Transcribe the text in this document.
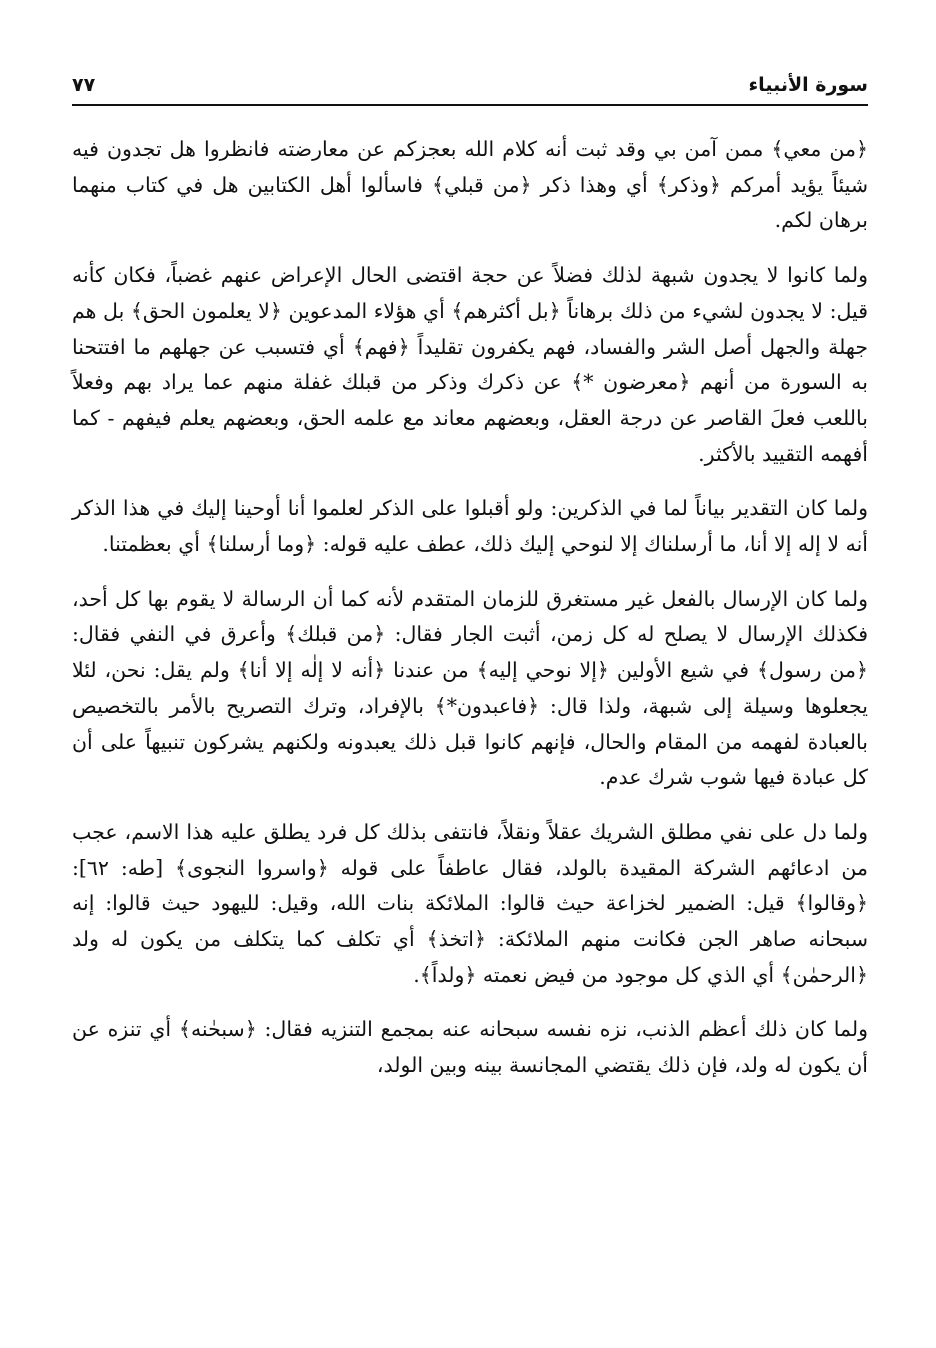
سورة الأنبياء
٧٧

﴿من معي﴾ ممن آمن بي وقد ثبت أنه كلام الله بعجزكم عن معارضته فانظروا هل تجدون فيه شيئاً يؤيد أمركم ﴿وذكر﴾ أي وهذا ذكر ﴿من قبلي﴾ فاسألوا أهل الكتابين هل في كتاب منهما برهان لكم.

ولما كانوا لا يجدون شبهة لذلك فضلاً عن حجة اقتضى الحال الإعراض عنهم غضباً، فكان كأنه قيل: لا يجدون لشيء من ذلك برهاناً ﴿بل أكثرهم﴾ أي هؤلاء المدعوين ﴿لا يعلمون الحق﴾ بل هم جهلة والجهل أصل الشر والفساد، فهم يكفرون تقليداً ﴿فهم﴾ أي فتسبب عن جهلهم ما افتتحنا به السورة من أنهم ﴿معرضون *﴾ عن ذكرك وذكر من قبلك غفلة منهم عما يراد بهم وفعلاً باللعب فعلَ القاصر عن درجة العقل، وبعضهم معاند مع علمه الحق، وبعضهم يعلم فيفهم - كما أفهمه التقييد بالأكثر.

ولما كان التقدير بياناً لما في الذكرين: ولو أقبلوا على الذكر لعلموا أنا أوحينا إليك في هذا الذكر أنه لا إله إلا أنا، ما أرسلناك إلا لنوحي إليك ذلك، عطف عليه قوله: ﴿وما أرسلنا﴾ أي بعظمتنا.

ولما كان الإرسال بالفعل غير مستغرق للزمان المتقدم لأنه كما أن الرسالة لا يقوم بها كل أحد، فكذلك الإرسال لا يصلح له كل زمن، أثبت الجار فقال: ﴿من قبلك﴾ وأعرق في النفي فقال: ﴿من رسول﴾ في شيع الأولين ﴿إلا نوحي إليه﴾ من عندنا ﴿أنه لا إلٰه إلا أنا﴾ ولم يقل: نحن، لئلا يجعلوها وسيلة إلى شبهة، ولذا قال: ﴿فاعبدون*﴾ بالإفراد، وترك التصريح بالأمر بالتخصيص بالعبادة لفهمه من المقام والحال، فإنهم كانوا قبل ذلك يعبدونه ولكنهم يشركون تنبيهاً على أن كل عبادة فيها شوب شرك عدم.

ولما دل على نفي مطلق الشريك عقلاً ونقلاً، فانتفى بذلك كل فرد يطلق عليه هذا الاسم، عجب من ادعائهم الشركة المقيدة بالولد، فقال عاطفاً على قوله ﴿واسروا النجوى﴾ [طه: ٦٢]: ﴿وقالوا﴾ قيل: الضمير لخزاعة حيث قالوا: الملائكة بنات الله، وقيل: لليهود حيث قالوا: إنه سبحانه صاهر الجن فكانت منهم الملائكة: ﴿اتخذ﴾ أي تكلف كما يتكلف من يكون له ولد ﴿الرحمٰن﴾ أي الذي كل موجود من فيض نعمته ﴿ولداً﴾.

ولما كان ذلك أعظم الذنب، نزه نفسه سبحانه عنه بمجمع التنزيه فقال: ﴿سبحٰنه﴾ أي تنزه عن أن يكون له ولد، فإن ذلك يقتضي المجانسة بينه وبين الولد،
